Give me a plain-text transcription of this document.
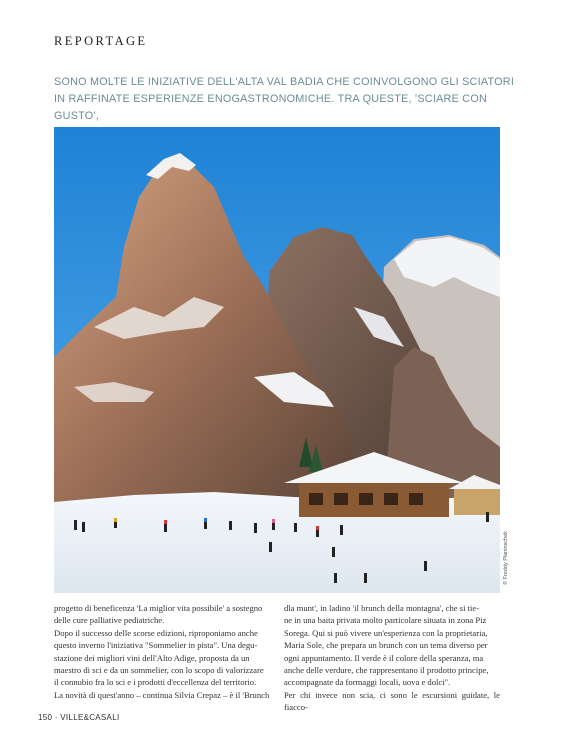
REPORTAGE
SONO MOLTE LE INIZIATIVE DELL'ALTA VAL BADIA CHE COINVOLGONO GLI SCIATORI
IN RAFFINATE ESPERIENZE ENOGASTRONOMICHE. TRA QUESTE, 'SCIARE CON GUSTO',
© Freddy Planinschek

progetto di beneficenza 'La miglior vita possibile' a sostegno

delle cure palliative pediatriche.

Dopo il successo delle scorse edizioni, riproponiamo anche

questo inverno l'iniziativa "Sommelier in pista". Una degu-

stazione dei migliori vini dell'Alto Adige, proposta da un

maestro di sci e da un sommelier, con lo scopo di valorizzare

il connubio fra lo sci e i prodotti d'eccellenza del territorio.

La novità di quest'anno – continua Silvia Crepaz – è il 'Brunch

dla munt', in ladino 'il brunch della montagna', che si tie-

ne in una baita privata molto particolare situata in zona Piz

Sorega. Qui si può vivere un'esperienza con la proprietaria,

Maria Sole, che prepara un brunch con un tema diverso per

ogni appuntamento. Il verde è il colore della speranza, ma

anche delle verdure, che rappresentano il prodotto principe,

accompagnate da formaggi locali, uova e dolci".

Per chi invece non scia, ci sono le escursioni guidate, le fiacco-

150 · VILLE&CASALI
